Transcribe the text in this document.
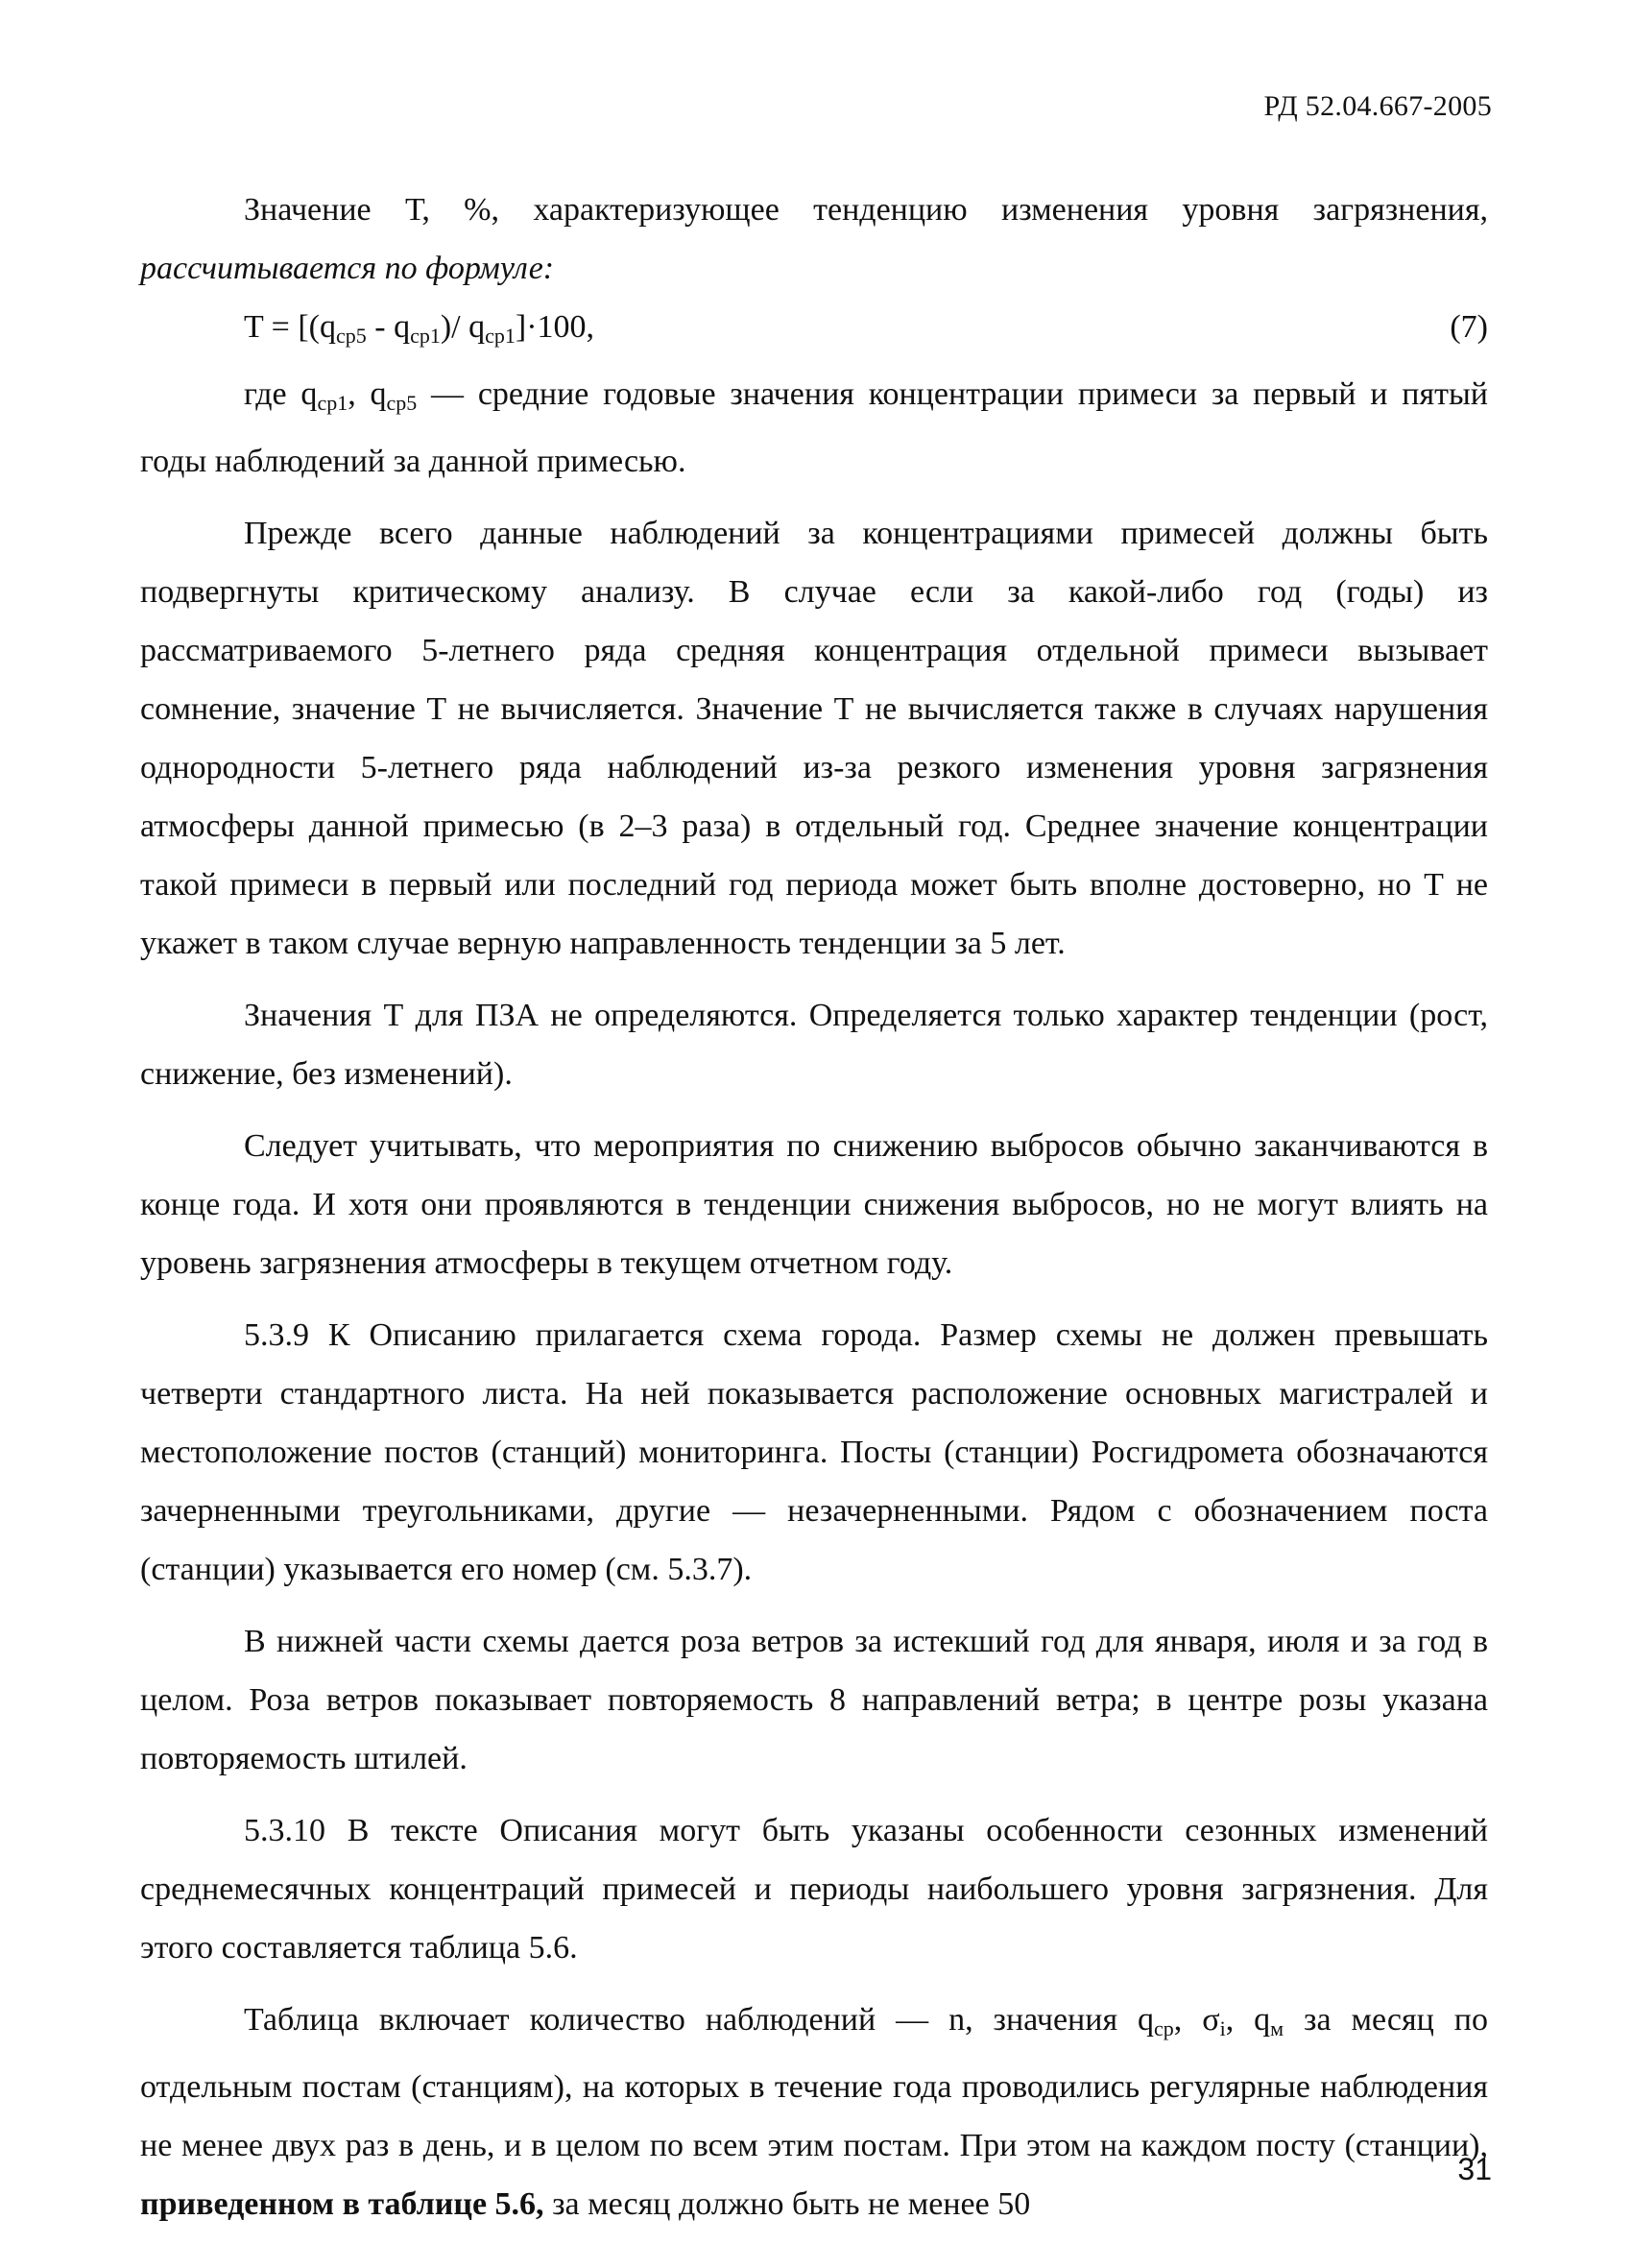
РД 52.04.667-2005

Значение Т, %, характеризующее тенденцию изменения уровня загрязнения, рассчитывается по формуле:

$T = [(q_{ср5} - q_{ср1})/$ $q_{ср1}]\cdot 100$,	(7)

где $q_{ср1}$, $q_{ср5}$ — средние годовые значения концентрации примеси за первый и пятый годы наблюдений за данной примесью.

Прежде всего данные наблюдений за концентрациями примесей должны быть подвергнуты критическому анализу. В случае если за какой-либо год (годы) из рассматриваемого 5-летнего ряда средняя концентрация отдельной примеси вызывает сомнение, значение Т не вычисляется. Значение Т не вычисляется также в случаях нарушения однородности 5-летнего ряда наблюдений из-за резкого изменения уровня загрязнения атмосферы данной примесью (в 2–3 раза) в отдельный год. Среднее значение концентрации такой примеси в первый или последний год периода может быть вполне достоверно, но Т не укажет в таком случае верную направленность тенденции за 5 лет.

Значения Т для ПЗА не определяются. Определяется только характер тенденции (рост, снижение, без изменений).

Следует учитывать, что мероприятия по снижению выбросов обычно заканчиваются в конце года. И хотя они проявляются в тенденции снижения выбросов, но не могут влиять на уровень загрязнения атмосферы в текущем отчетном году.

5.3.9 К Описанию прилагается схема города. Размер схемы не должен превышать четверти стандартного листа. На ней показывается расположение основных магистралей и местоположение постов (станций) мониторинга. Посты (станции) Росгидромета обозначаются зачерненными треугольниками, другие — незачерненными. Рядом с обозначением поста (станции) указывается его номер (см. 5.3.7).

В нижней части схемы дается роза ветров за истекший год для января, июля и за год в целом. Роза ветров показывает повторяемость 8 направлений ветра; в центре розы указана повторяемость штилей.

5.3.10 В тексте Описания могут быть указаны особенности сезонных изменений среднемесячных концентраций примесей и периоды наибольшего уровня загрязнения. Для этого составляется таблица 5.6.

Таблица включает количество наблюдений — n, значения $q_{ср}$, $\sigma_i$, $q_м$ за месяц по отдельным постам (станциям), на которых в течение года проводились регулярные наблюдения не менее двух раз в день, и в целом по всем этим постам. При этом на каждом посту (станции), приведенном в таблице 5.6, за месяц должно быть не менее 50

31
